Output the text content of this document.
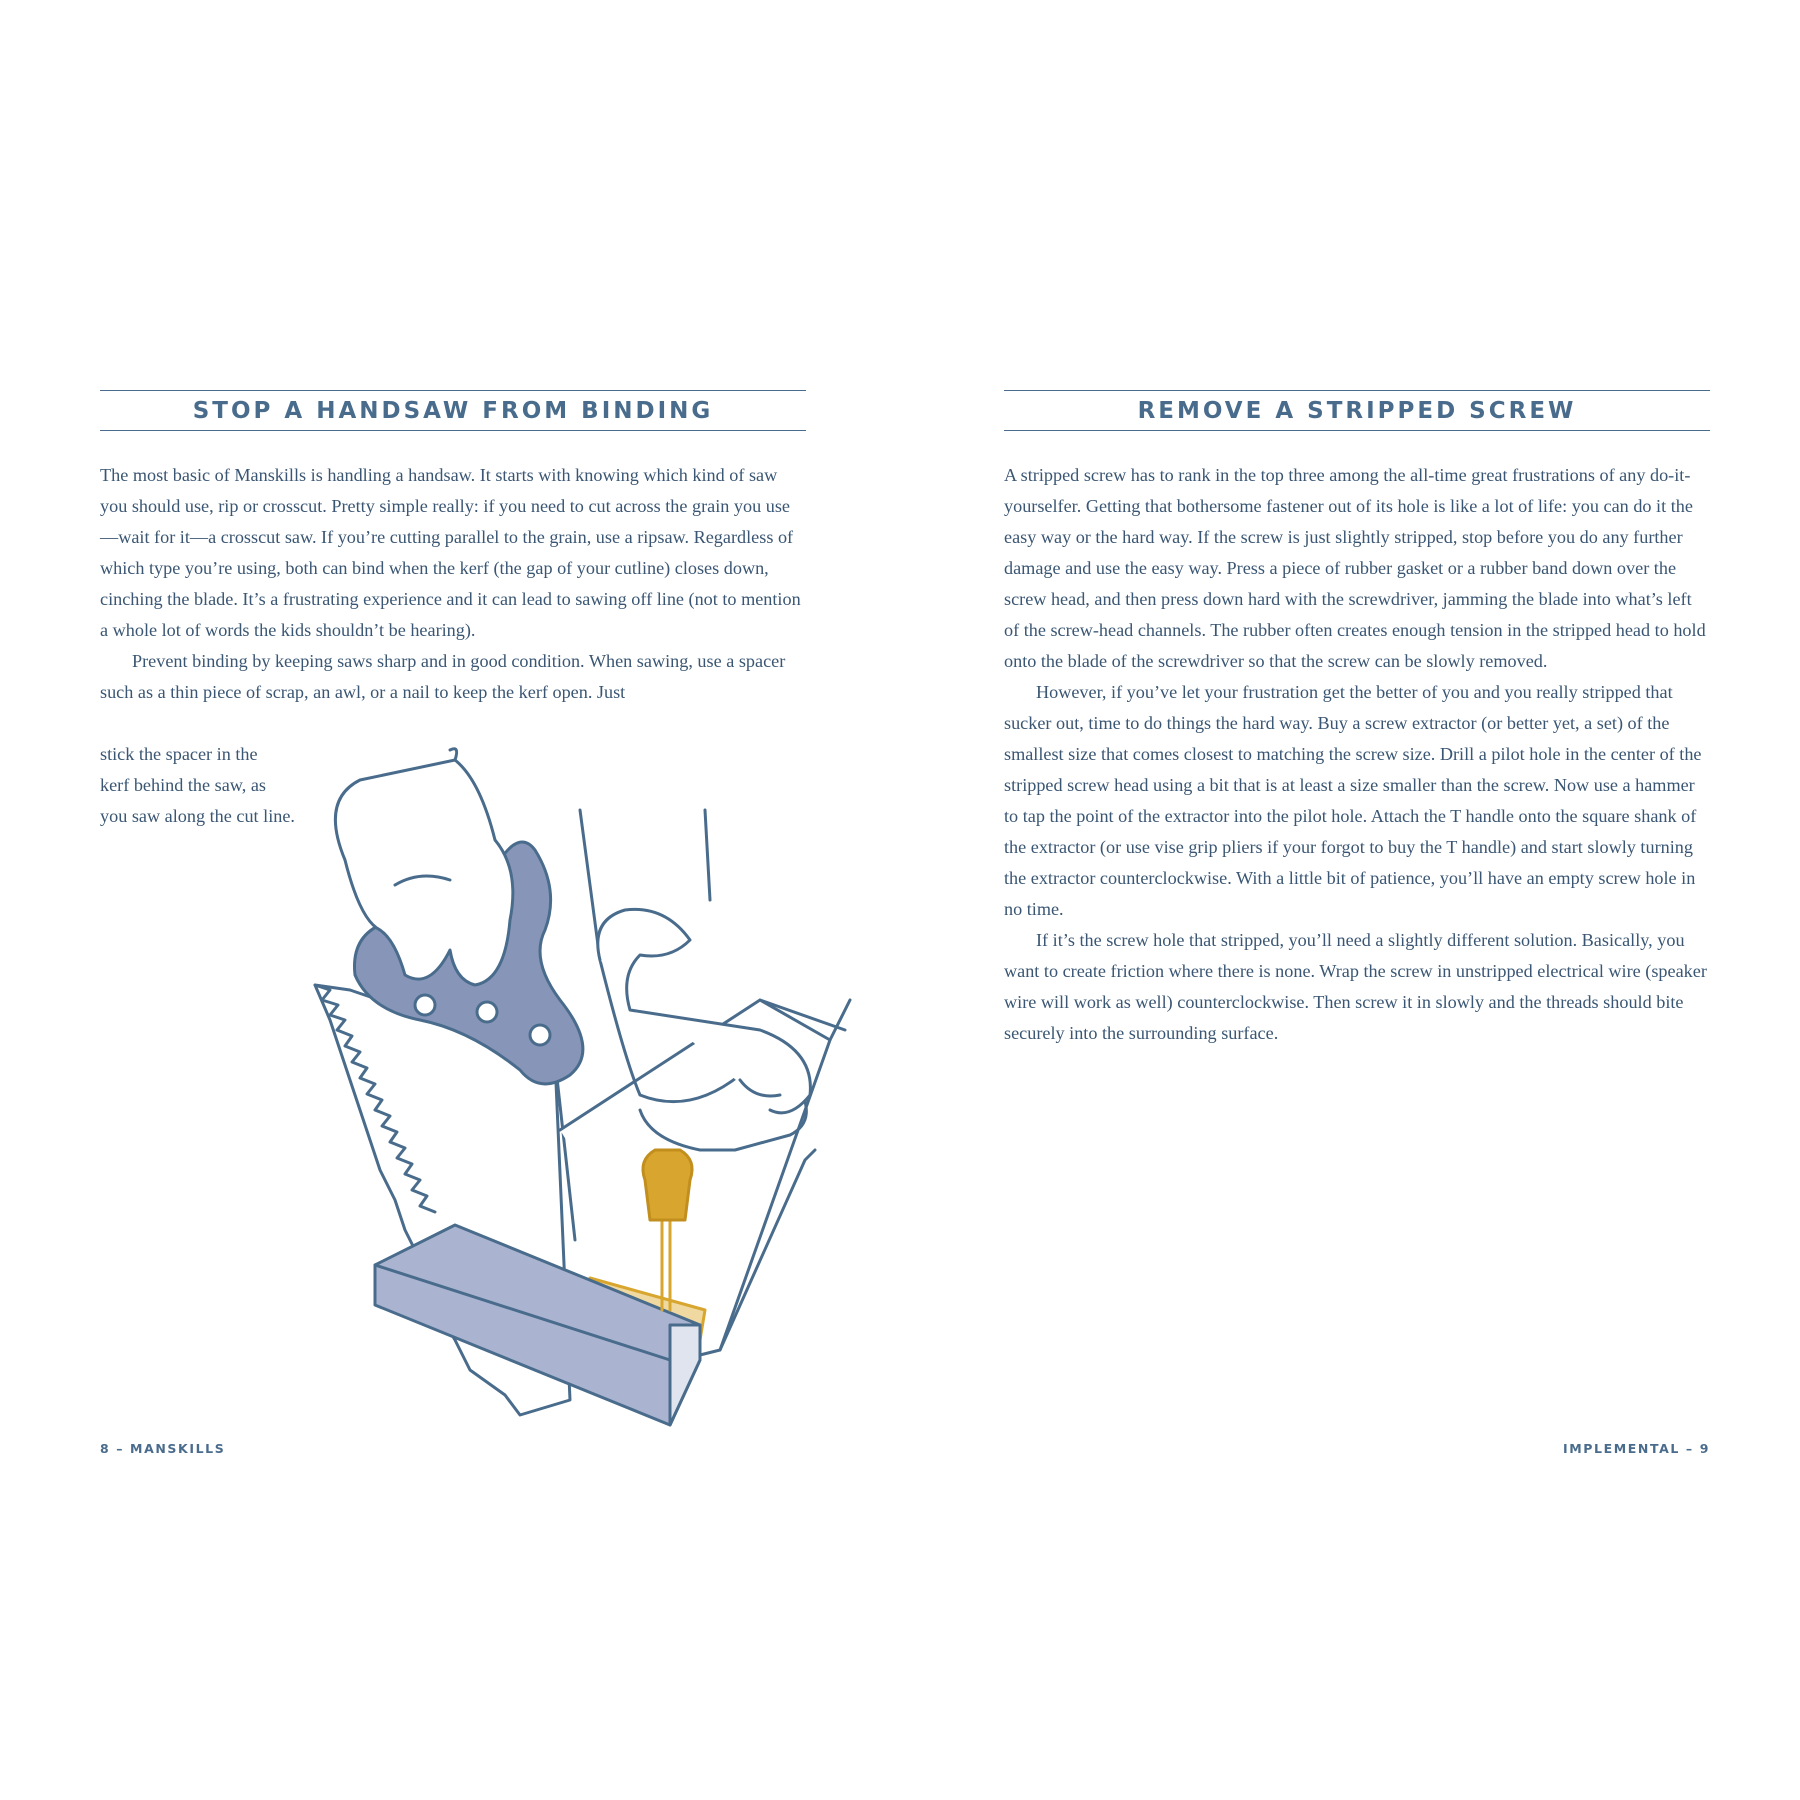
STOP A HANDSAW FROM BINDING

The most basic of Manskills is handling a handsaw. It starts with knowing which kind of saw you should use, rip or crosscut. Pretty simple really: if you need to cut across the grain you use—wait for it—a crosscut saw. If you’re cutting parallel to the grain, use a ripsaw. Regardless of which type you’re using, both can bind when the kerf (the gap of your cutline) closes down, cinching the blade. It’s a frustrating experience and it can lead to sawing off line (not to mention a whole lot of words the kids shouldn’t be hearing).

Prevent binding by keeping saws sharp and in good condition. When sawing, use a spacer such as a thin piece of scrap, an awl, or a nail to keep the kerf open. Just

stick the spacer in the
kerf behind the saw, as
you saw along the cut line.
8 – MANSKILLS
REMOVE A STRIPPED SCREW

A stripped screw has to rank in the top three among the all-time great frustrations of any do-it-yourselfer. Getting that bothersome fastener out of its hole is like a lot of life: you can do it the easy way or the hard way. If the screw is just slightly stripped, stop before you do any further damage and use the easy way. Press a piece of rubber gasket or a rubber band down over the screw head, and then press down hard with the screwdriver, jamming the blade into what’s left of the screw-head channels. The rubber often creates enough tension in the stripped head to hold onto the blade of the screwdriver so that the screw can be slowly removed.

However, if you’ve let your frustration get the better of you and you really stripped that sucker out, time to do things the hard way. Buy a screw extractor (or better yet, a set) of the smallest size that comes closest to matching the screw size. Drill a pilot hole in the center of the stripped screw head using a bit that is at least a size smaller than the screw. Now use a hammer to tap the point of the extractor into the pilot hole. Attach the T handle onto the square shank of the extractor (or use vise grip pliers if your forgot to buy the T handle) and start slowly turning the extractor counterclockwise. With a little bit of patience, you’ll have an empty screw hole in no time.

If it’s the screw hole that stripped, you’ll need a slightly different solution. Basically, you want to create friction where there is none. Wrap the screw in unstripped electrical wire (speaker wire will work as well) counterclockwise. Then screw it in slowly and the threads should bite securely into the surrounding surface.

IMPLEMENTAL – 9
